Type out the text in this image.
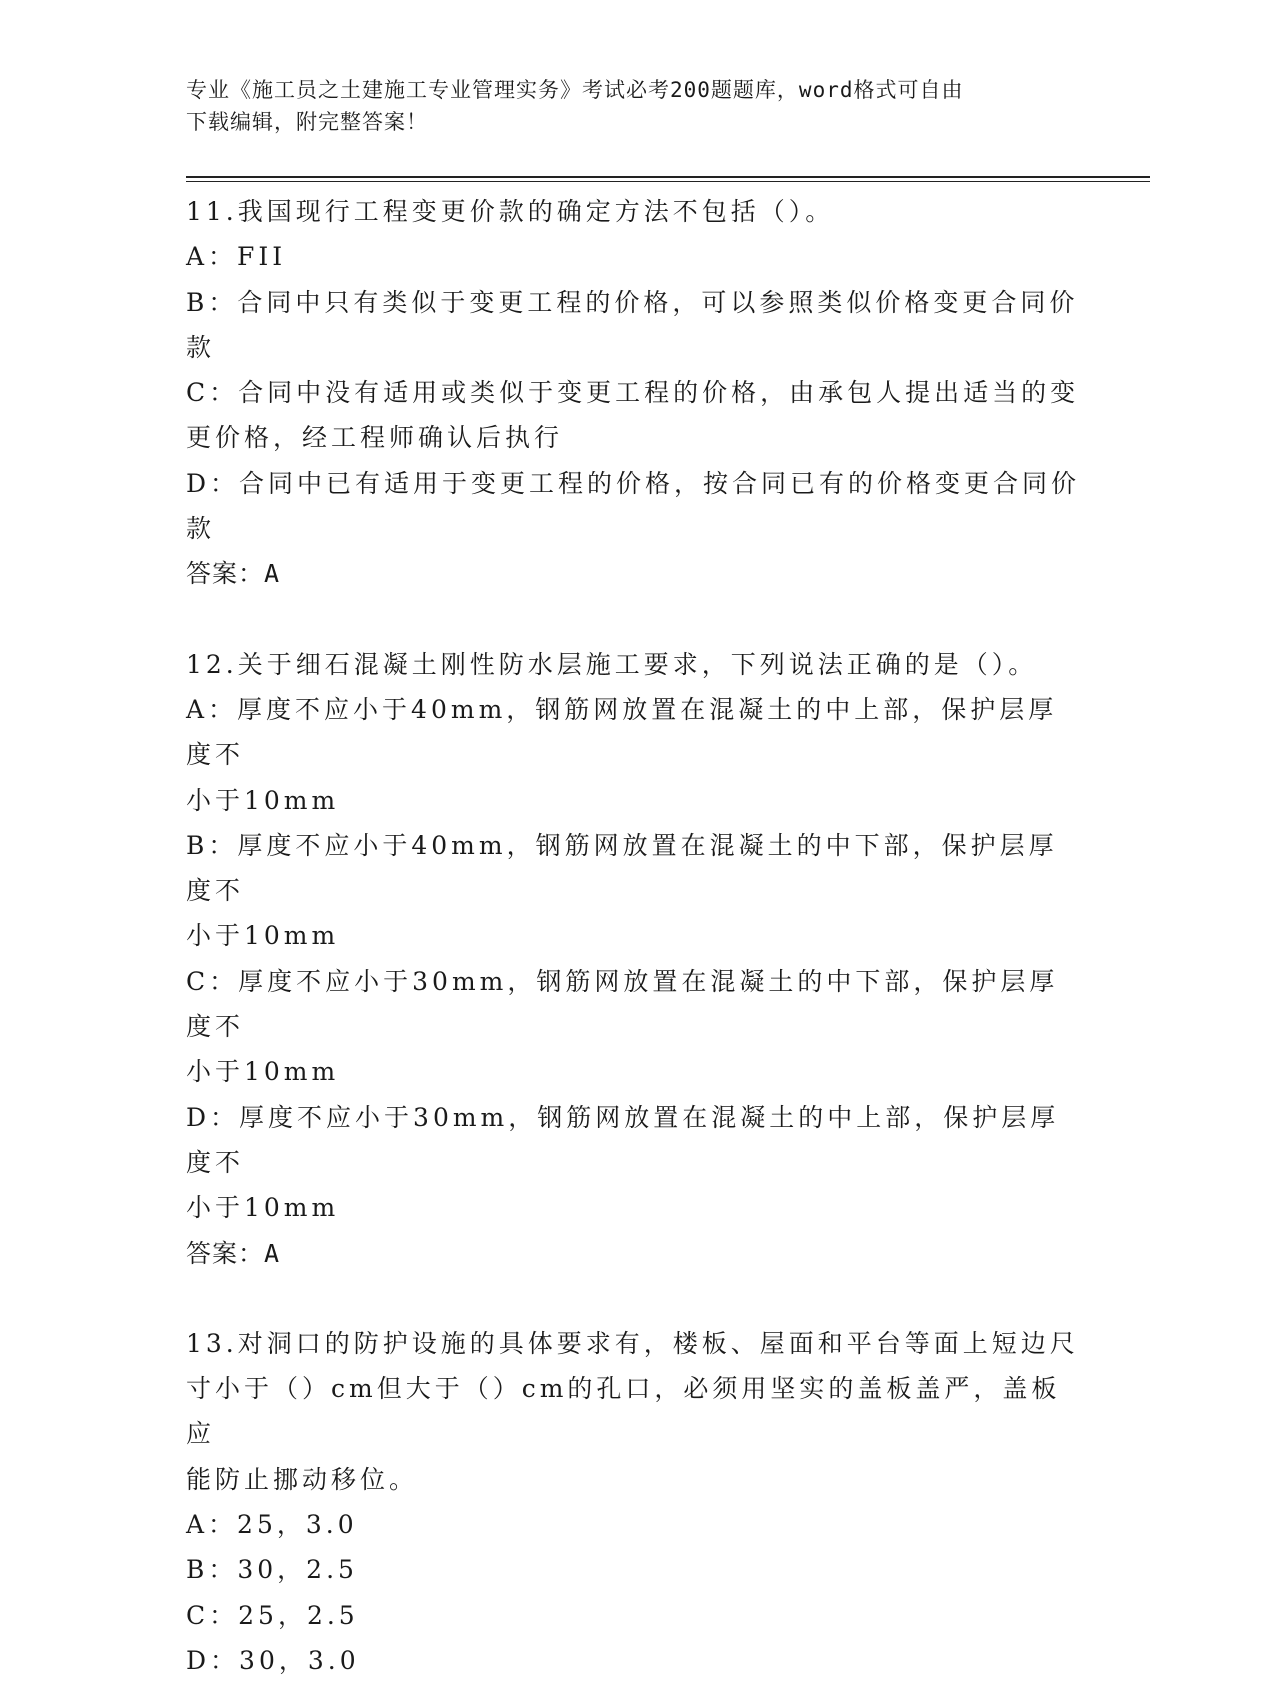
专业《施工员之土建施工专业管理实务》考试必考200题题库，word格式可自由
下载编辑，附完整答案！
11.我国现行工程变更价款的确定方法不包括（）。
A：FII
B：合同中只有类似于变更工程的价格，可以参照类似价格变更合同价
款
C：合同中没有适用或类似于变更工程的价格，由承包人提出适当的变
更价格，经工程师确认后执行
D：合同中已有适用于变更工程的价格，按合同已有的价格变更合同价
款
答案：A
12.关于细石混凝土刚性防水层施工要求，下列说法正确的是（）。
A：厚度不应小于40mm，钢筋网放置在混凝土的中上部，保护层厚度不
小于10mm
B：厚度不应小于40mm，钢筋网放置在混凝土的中下部，保护层厚度不
小于10mm
C：厚度不应小于30mm，钢筋网放置在混凝土的中下部，保护层厚度不
小于10mm
D：厚度不应小于30mm，钢筋网放置在混凝土的中上部，保护层厚度不
小于10mm
答案：A
13.对洞口的防护设施的具体要求有，楼板、屋面和平台等面上短边尺
寸小于（）cm但大于（）cm的孔口，必须用坚实的盖板盖严，盖板应
能防止挪动移位。
A：25，3.0
B：30，2.5
C：25，2.5
D：30，3.0
